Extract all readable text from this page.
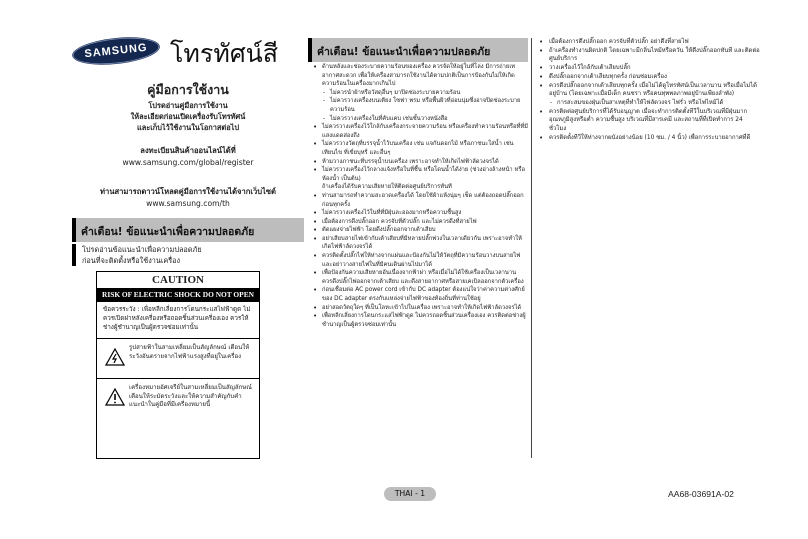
SAMSUNG โทรทัศน์สี
คู่มือการใช้งาน
โปรดอ่านคู่มือการใช้งาน
ให้ละเอียดก่อนเปิดเครื่องรับโทรทัศน์
และเก็บไว้ใช้งานในโอกาสต่อไป
ลงทะเบียนสินค้าออนไลน์ได้ที่
www.samsung.com/global/register
ท่านสามารถดาวน์โหลดคู่มือการใช้งานได้จากเว็บไซต์
www.samsung.com/th
คำเตือน! ข้อแนะนำเพื่อความปลอดภัย
โปรดอ่านข้อแนะนำเพื่อความปลอดภัย
ก่อนที่จะติดตั้งหรือใช้งานเครื่อง
CAUTION
RISK OF ELECTRIC SHOCK DO NOT OPEN
ข้อควรระวัง : เพื่อหลีกเลี่ยงการโดนกระแสไฟฟ้าดูด ไม่ควรเปิดฝาหลังเครื่องหรือถอดชิ้นส่วนเครื่องเอง ควรให้ช่างผู้ชำนาญเป็นผู้ตรวจซ่อมเท่านั้น
รูปสายฟ้าในสามเหลี่ยมเป็นสัญลักษณ์ เตือนให้ระวังอันตรายจากไฟฟ้าแรงสูงที่อยู่ในเครื่อง
เครื่องหมายอัศเจรีย์ในสามเหลี่ยมเป็นสัญลักษณ์ เตือนให้ระมัดระวังและให้ความสำคัญกับคำแนะนำในคู่มือที่มีเครื่องหมายนี้
คำเตือน! ข้อแนะนำเพื่อความปลอดภัย
• ด้านหลังและช่องระบายความร้อนของเครื่อง ควรจัดให้อยู่ในที่โล่ง มีการถ่ายเทอากาศสะดวก เพื่อให้เครื่องสามารถใช้งานได้ตามปกติเป็นการป้องกันไม่ให้เกิดความร้อนในเครื่องมากเกินไป
- ไม่ควรนำผ้าหรือวัสดุอื่นๆ มาปิดช่องระบายความร้อน
- ไม่ควรวางเครื่องบนเตียง โซฟา พรม หรือพื้นผิวที่อ่อนนุ่มซึ่งอาจปิดช่องระบายความร้อน
- ไม่ควรวางเครื่องในที่คับแคบ เช่นชั้นวางหนังสือ
• ไม่ควรวางเครื่องไว้ใกล้กับเครื่องกระจายความร้อน หรือเครื่องทำความร้อนหรือที่ที่มีแสงแดดส่องถึง
• ไม่ควรวางวัตถุที่บรรจุน้ำไว้บนเครื่อง เช่น แจกันดอกไม้ หรือภาชนะใส่น้ำ เช่นเทียนไข ที่เขี่ยบุหรี่ และอื่นๆ
• ห้ามวางภาชนะที่บรรจุน้ำบนเครื่อง เพราะอาจทำให้เกิดไฟฟ้าลัดวงจรได้
• ไม่ควรวางเครื่องไว้กลางแจ้งหรือในที่ชื้น หรือโดนน้ำได้ง่าย (ช่วงอ่างล้างหน้า หรือห้องน้ำ เป็นต้น)
ถ้าเครื่องได้รับความเสียหายให้ติดต่อศูนย์บริการทันที
• ท่านสามารถทำความสะอาดเครื่องได้ โดยใช้ผ้าแห้งนุ่มๆ เช็ด แต่ต้องถอดปลั๊กออกก่อนทุกครั้ง
• ไม่ควรวางเครื่องไว้ในที่ที่มีฝุ่นละอองมากหรือความชื้นสูง
• เมื่อต้องการดึงปลั๊กออก ควรจับที่ตัวปลั๊ก และไม่ควรดึงที่สายไฟ
• ตัดแผงจ่ายไฟฟ้า โดยดึงปลั๊กออกจากเต้าเสียบ
• อย่าเสียบสายไฟเข้ากับเต้าเสียบที่มีหลายปลั๊กพ่วงในเวลาเดียวกัน เพราะอาจทำให้เกิดไฟฟ้าลัดวงจรได้
• ควรติดตั้งปลั๊กไฟให้ห่างจากแผ่นและป้องกันไม่ให้วัตถุที่มีความร้อนวางบนสายไฟ และอย่าวางสายไฟในที่มีคนเดินผ่านไปมาได้
• เพื่อป้องกันความเสียหายอันเนื่องจากฟ้าผ่า หรือเมื่อไม่ได้ใช้เครื่องเป็นเวลานาน ควรดึงปลั๊กไฟออกจากเต้าเสียบ และดึงสายอากาศหรือสายเคเบิลออกจากตัวเครื่อง
• ก่อนเชื่อมต่อ AC power cord เข้ากับ DC adapter ต้องแน่ใจว่าค่าความต่างศักย์ของ DC adapter ตรงกับแหล่งจ่ายไฟฟ้าของท้องถิ่นที่ท่านใช้อยู่
• อย่าสอดวัตถุใดๆ ที่เป็นโลหะเข้าไปในเครื่อง เพราะอาจทำให้เกิดไฟฟ้าลัดวงจรได้
• เพื่อหลีกเลี่ยงการโดนกระแสไฟฟ้าดูด ไม่ควรถอดชิ้นส่วนเครื่องเอง ควรติดต่อช่างผู้ชำนาญเป็นผู้ตรวจซ่อมเท่านั้น
• เมื่อต้องการดึงปลั๊กออก ควรจับที่ตัวปลั๊ก อย่าดึงที่สายไฟ
• ถ้าเครื่องทำงานผิดปกติ โดยเฉพาะมีกลิ่นไหม้หรือควัน ให้ดึงปลั๊กออกทันที และติดต่อศูนย์บริการ
• วางเครื่องไว้ใกล้กับเต้าเสียบปลั๊ก
• ดึงปลั๊กออกจากเต้าเสียบทุกครั้ง ก่อนซ่อมเครื่อง
• ควรดึงปลั๊กออกจากเต้าเสียบทุกครั้ง เมื่อไม่ได้ดูโทรทัศน์เป็นเวลานาน หรือเมื่อไม่ได้อยู่บ้าน (โดยเฉพาะเมื่อมีเด็ก คนชรา หรือคนทุพพลภาพอยู่บ้านเพียงลำพัง)
- การสะสมของฝุ่นเป็นสาเหตุที่ทำให้ไฟลัดวงจร ไฟรั่ว หรือไฟไหม้ได้
• ควรติดต่อศูนย์บริการที่ได้รับอนุญาต เมื่อจะทำการติดตั้งทีวีในบริเวณที่มีฝุ่นมาก อุณหภูมิสูงหรือต่ำ ความชื้นสูง บริเวณที่มีสารเคมี และสถานที่ที่เปิดทำการ 24 ชั่วโมง
• ควรติดตั้งทีวีให้ห่างจากผนังอย่างน้อย (10 ซม. / 4 นิ้ว) เพื่อการระบายอากาศที่ดี
THAI - 1	AA68-03691A-02
